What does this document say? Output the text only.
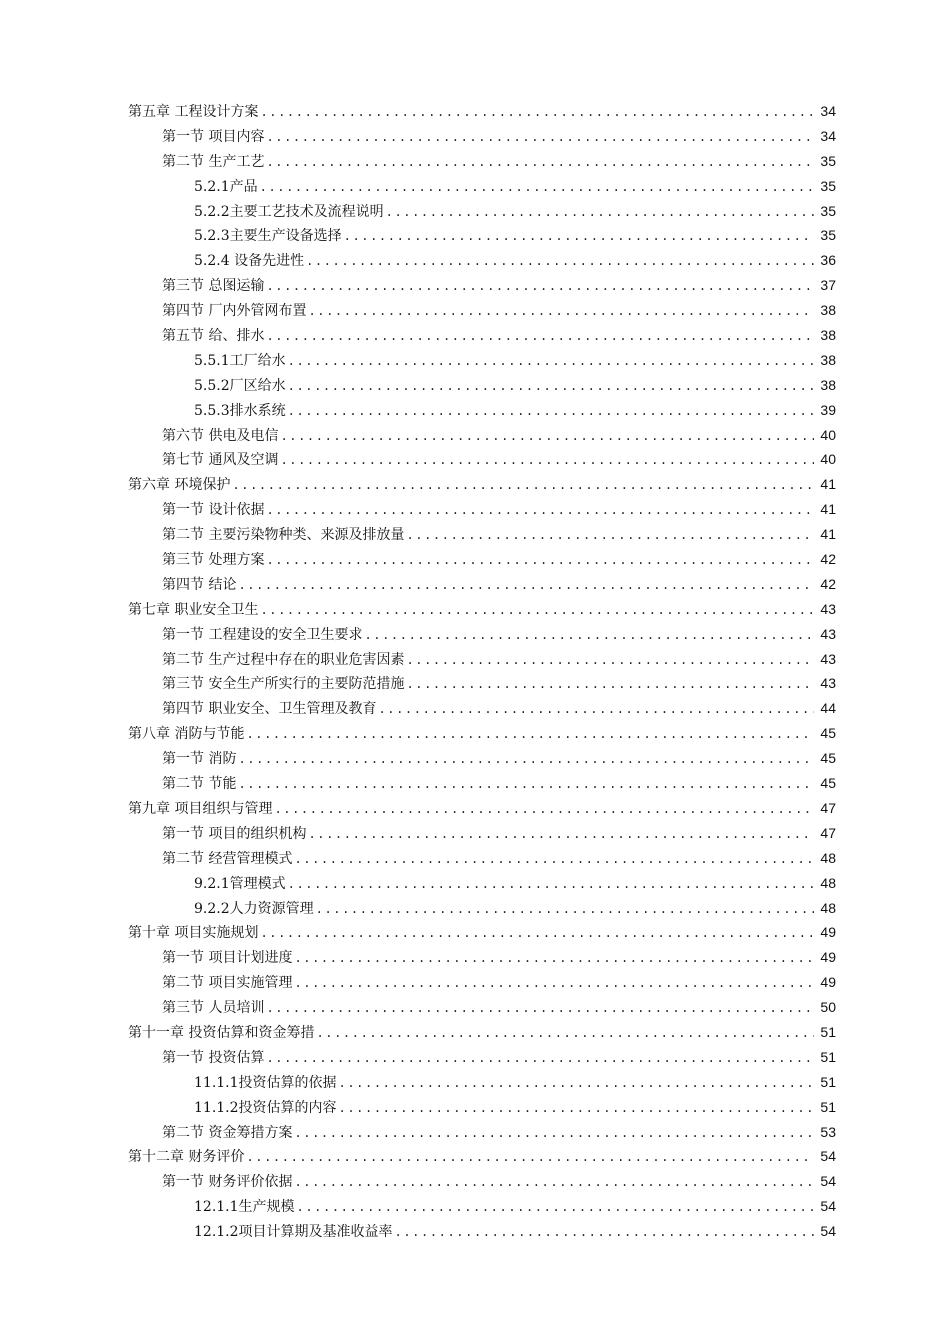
第五章 工程设计方案 .....	34
第一节 项目内容 .....	34
第二节 生产工艺 .....	35
5.2.1产品 .....	35
5.2.2主要工艺技术及流程说明 .....	35
5.2.3主要生产设备选择 .....	35
5.2.4 设备先进性 .....	36
第三节 总图运输 .....	37
第四节 厂内外管网布置 .....	38
第五节 给、排水 .....	38
5.5.1工厂给水 .....	38
5.5.2厂区给水 .....	38
5.5.3排水系统 .....	39
第六节 供电及电信 .....	40
第七节 通风及空调 .....	40
第六章 环境保护 .....	41
第一节 设计依据 .....	41
第二节 主要污染物种类、来源及排放量 .....	41
第三节 处理方案 .....	42
第四节 结论 .....	42
第七章 职业安全卫生 .....	43
第一节 工程建设的安全卫生要求 .....	43
第二节 生产过程中存在的职业危害因素 .....	43
第三节 安全生产所实行的主要防范措施 .....	43
第四节 职业安全、卫生管理及教育 .....	44
第八章 消防与节能 .....	45
第一节 消防 .....	45
第二节 节能 .....	45
第九章 项目组织与管理 .....	47
第一节 项目的组织机构 .....	47
第二节 经营管理模式 .....	48
9.2.1管理模式 .....	48
9.2.2人力资源管理 .....	48
第十章 项目实施规划 .....	49
第一节 项目计划进度 .....	49
第二节 项目实施管理 .....	49
第三节 人员培训 .....	50
第十一章 投资估算和资金筹措 .....	51
第一节 投资估算 .....	51
11.1.1投资估算的依据 .....	51
11.1.2投资估算的内容 .....	51
第二节 资金筹措方案 .....	53
第十二章 财务评价 .....	54
第一节 财务评价依据 .....	54
12.1.1生产规模 .....	54
12.1.2项目计算期及基准收益率 .....	54
